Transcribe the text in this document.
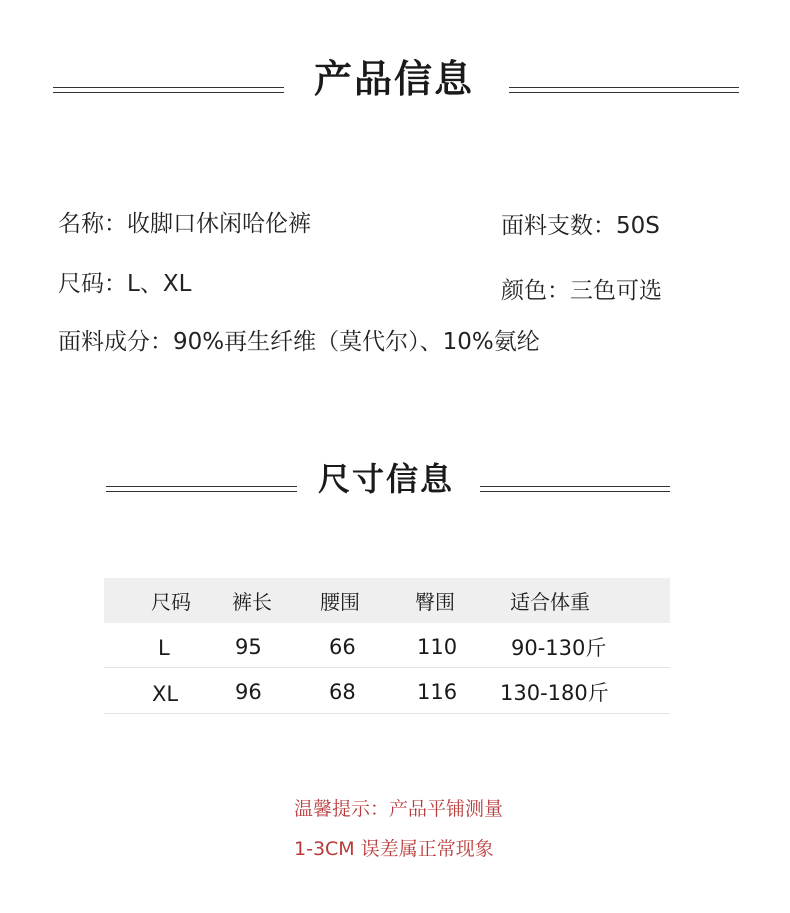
产品信息
名称：收脚口休闲哈伦裤	面料支数：50S
尺码：L、XL	颜色：三色可选
面料成分：90%再生纤维（莫代尔）、10%氨纶
尺寸信息
尺码 裤长 腰围	臀围	适合体重
L	95	66	110	90-130斤
XL	96	68	116 130-180斤
温馨提示：产品平铺测量
1-3CM 误差属正常现象
